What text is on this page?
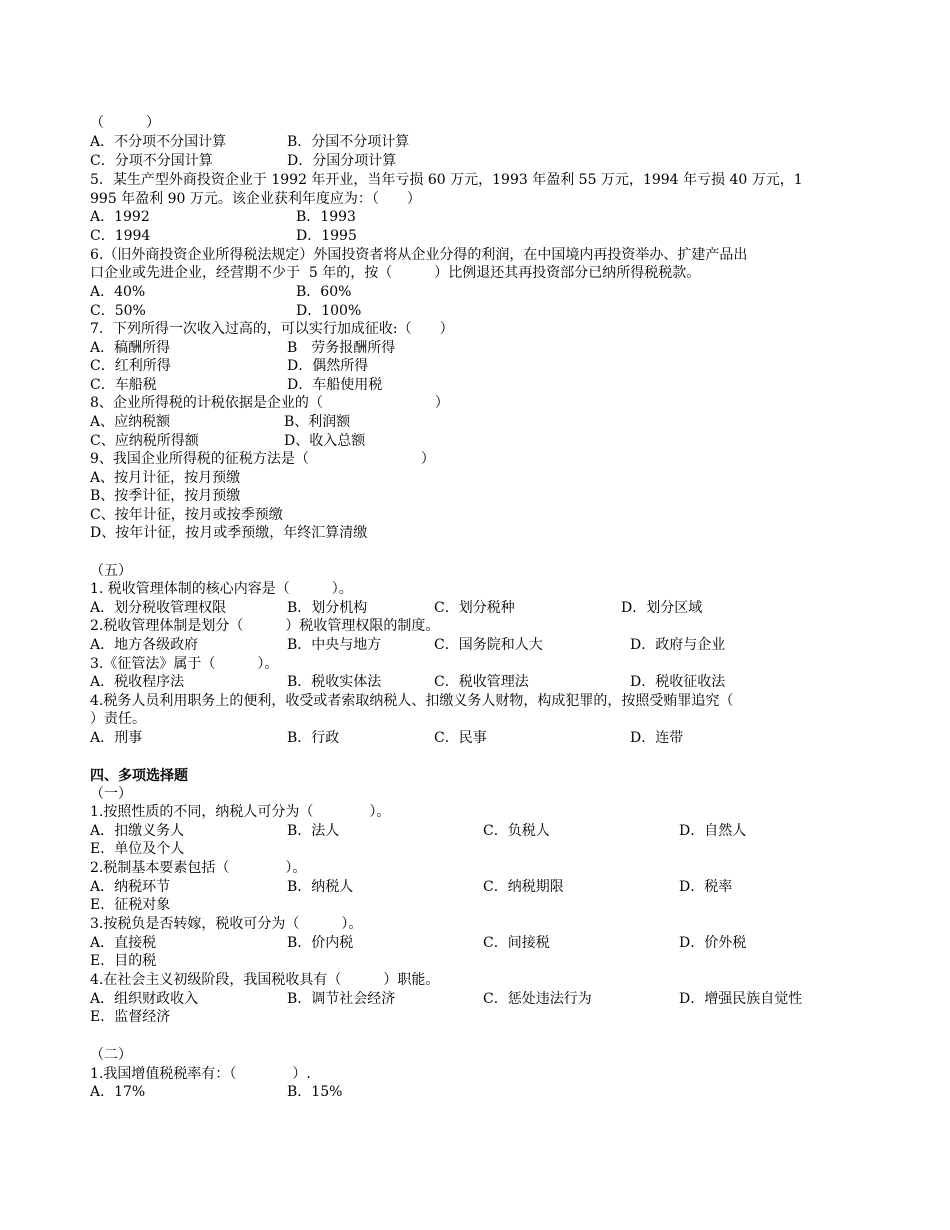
（　　　）
A．不分项不分国计算	B．分国不分项计算
C．分项不分国计算	D．分国分项计算
5．某生产型外商投资企业于 1992 年开业，当年亏损 60 万元，1993 年盈利 55 万元，1994 年亏损 40 万元，1
995 年盈利 90 万元。该企业获利年度应为：（　　）
A．1992	B．1993
C．1994	D．1995
6.（旧外商投资企业所得税法规定）外国投资者将从企业分得的利润，在中国境内再投资举办、扩建产品出
口企业或先进企业，经营期不少于  5 年的，按（　　　）比例退还其再投资部分已纳所得税税款。
A．40%	B．60%
C．50%	D．100%
7．下列所得一次收入过高的，可以实行加成征收:（　　）
A．稿酬所得	B　劳务报酬所得
C．红利所得	D．偶然所得
C．车船税	D．车船使用税
8、企业所得税的计税依据是企业的（　　　　　　　　）
A、应纳税额	B、利润额
C、应纳税所得额	D、收入总额
9、我国企业所得税的征税方法是（　　　　　　　　）
A、按月计征，按月预缴
B、按季计征，按月预缴
C、按年计征，按月或按季预缴
D、按年计征，按月或季预缴，年终汇算清缴
（五）
1. 税收管理体制的核心内容是（　　　）。
A．划分税收管理权限	B．划分机构	C．划分税种	D．划分区域
2.税收管理体制是划分（　　　）税收管理权限的制度。
A．地方各级政府	B．中央与地方	C．国务院和人大	D．政府与企业
3.《征管法》属于（　　　）。
A．税收程序法	B．税收实体法	C．税收管理法	D．税收征收法
4.税务人员利用职务上的便利，收受或者索取纳税人、扣缴义务人财物，构成犯罪的，按照受贿罪追究（
）责任。
A．刑事	B．行政	C．民事	D．连带
四、多项选择题
（一）
1.按照性质的不同，纳税人可分为（　　　　）。
A．扣缴义务人	B．法人	C．负税人	D．自然人
E．单位及个人
2.税制基本要素包括（　　　　）。
A．纳税环节	B．纳税人	C．纳税期限	D．税率
E．征税对象
3.按税负是否转嫁，税收可分为（　　　）。
A．直接税	B．价内税	C．间接税	D．价外税
E．目的税
4.在社会主义初级阶段，我国税收具有（　　　）职能。
A．组织财政收入	B．调节社会经济	C．惩处违法行为	D．增强民族自觉性
E．监督经济
（二）
1.我国增值税税率有：（　　　　）.
A．17%	B．15%
